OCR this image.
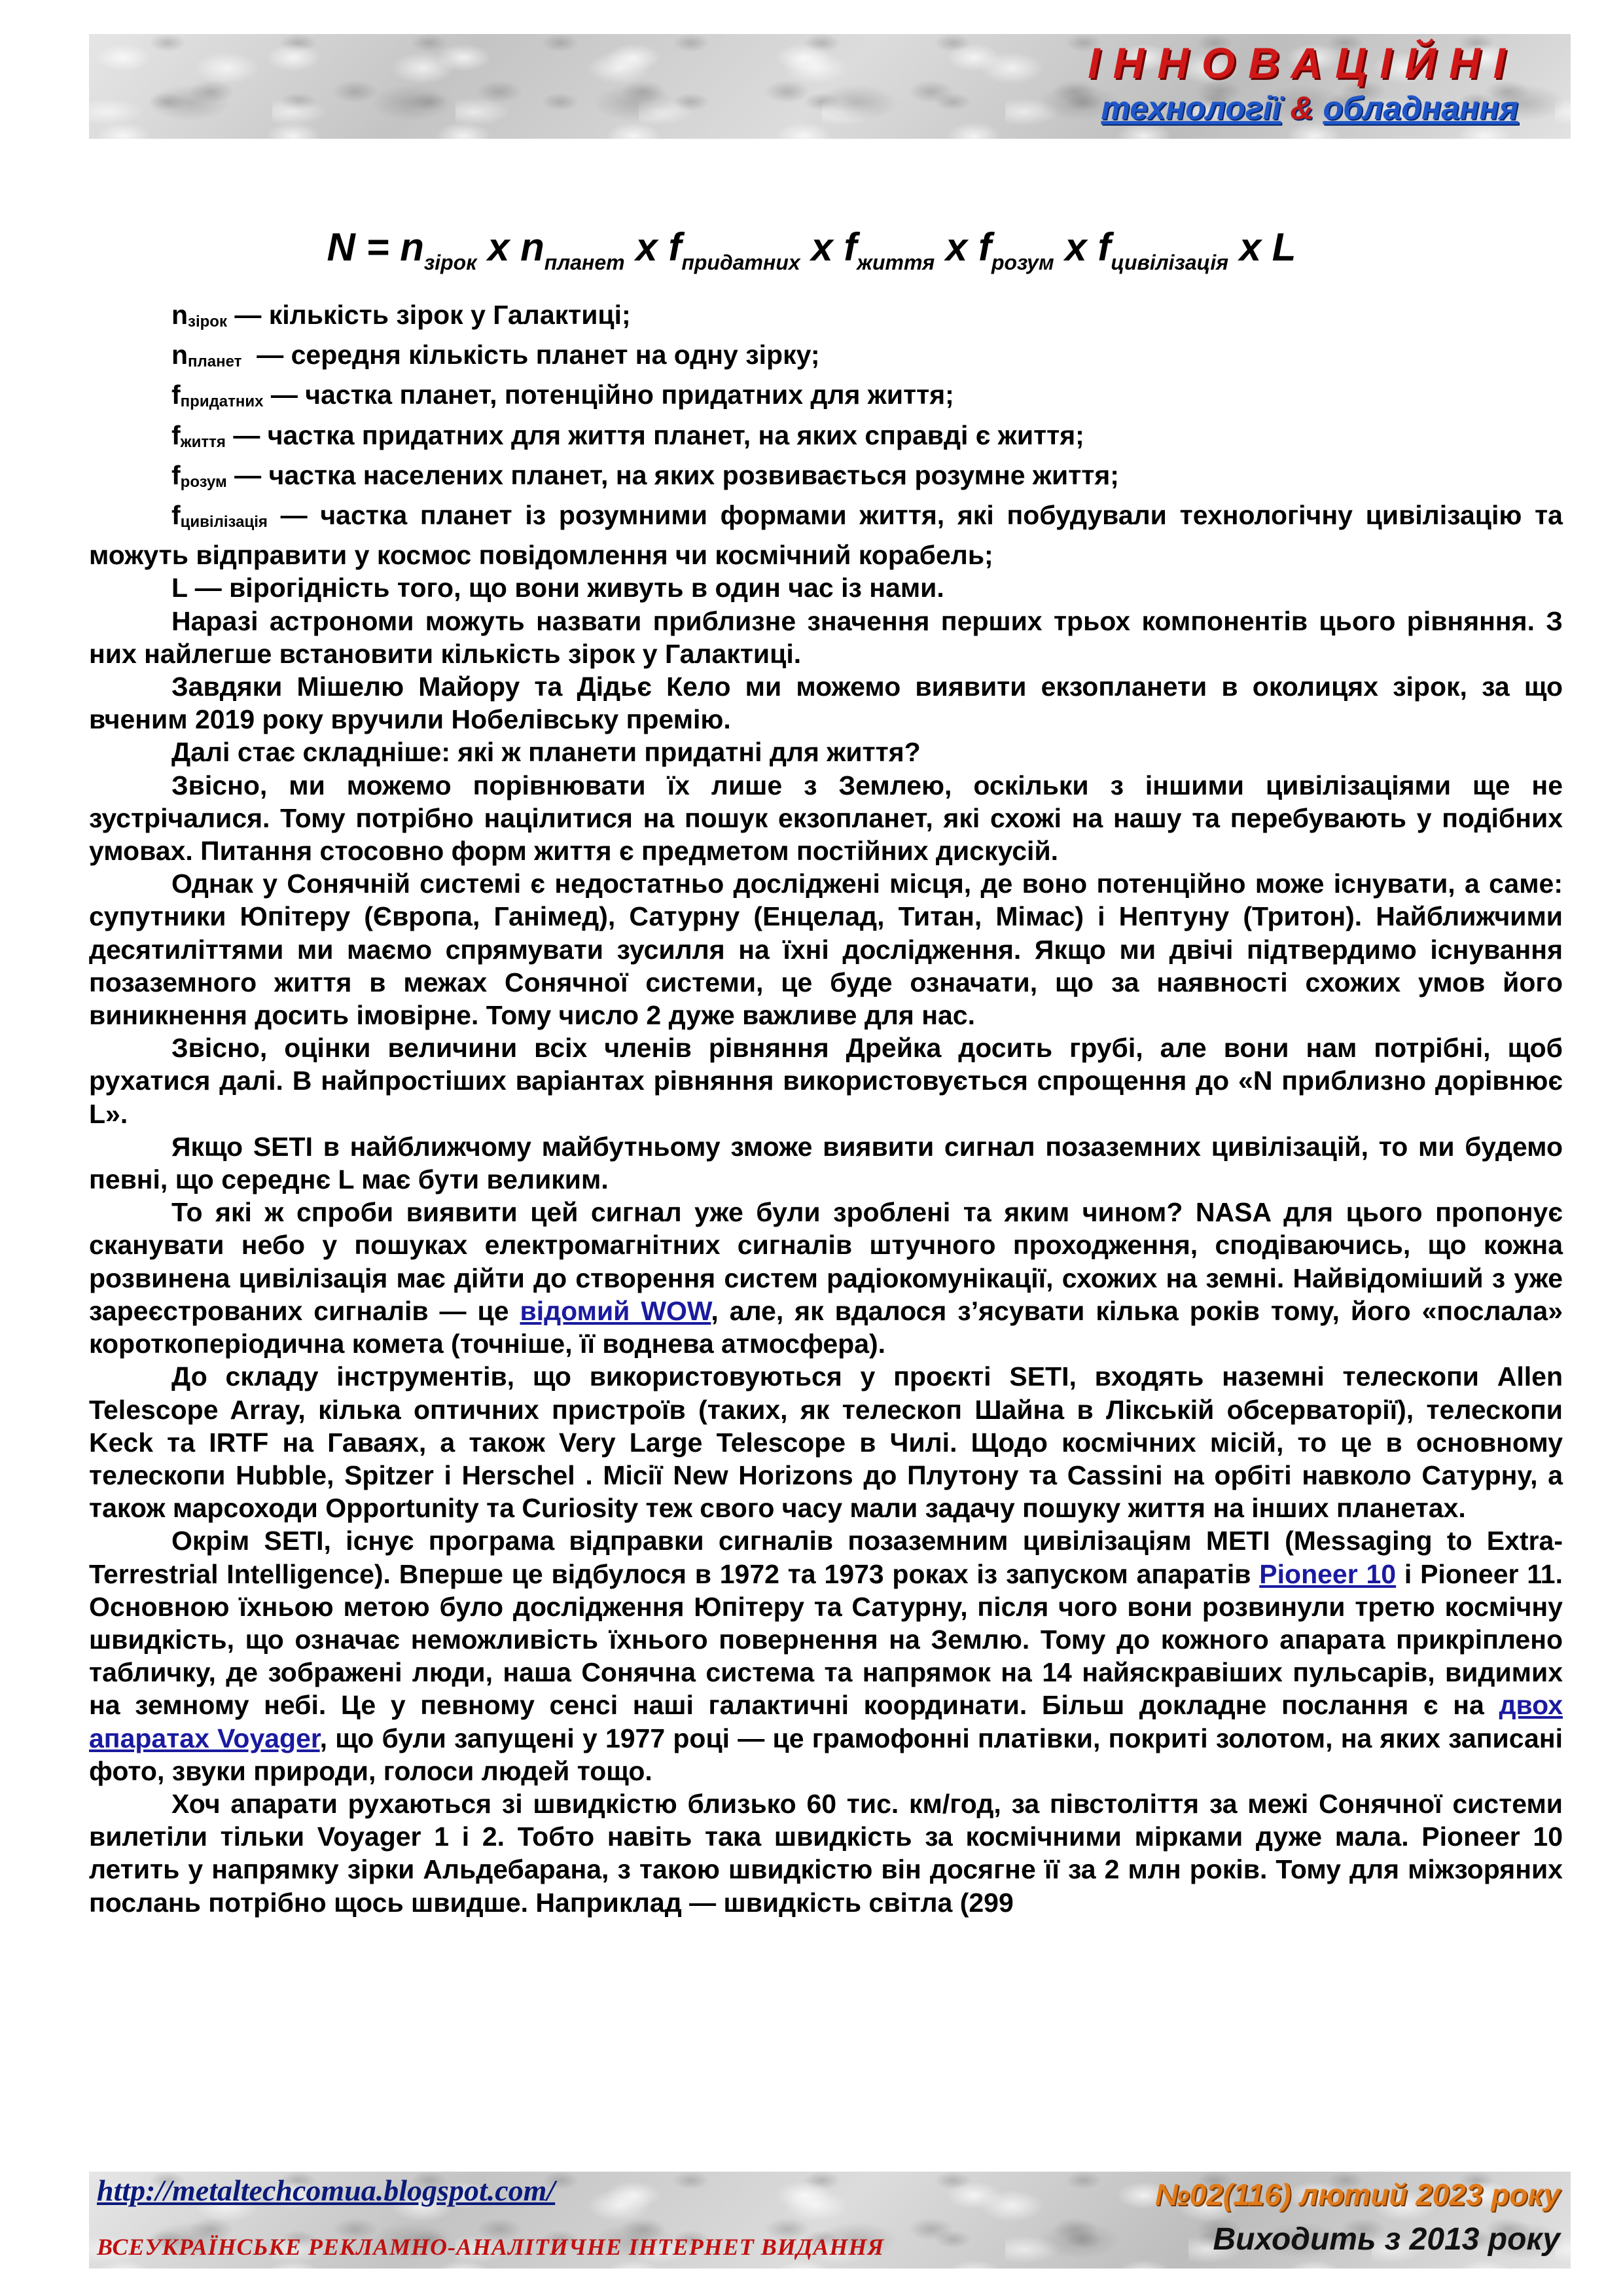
ІННОВАЦІЙНІ
технології & обладнання
$N = n_{зірок}$ x $n_{планет}$ x $f_{придатних}$ x $f_{життя}$ x $f_{розум}$ x $f_{цивілізація}$ x L

$n_{зірок}$ — кількість зірок у Галактиці;

$n_{планет}$  — середня кількість планет на одну зірку;

$f_{придатних}$ — частка планет, потенційно придатних для життя;

$f_{життя}$ — частка придатних для життя планет, на яких справді є життя;

$f_{розум}$ — частка населених планет, на яких розвивається розумне життя;

$f_{цивілізація}$ — частка планет із розумними формами життя, які побудували технологічну цивілізацію та можуть відправити у космос повідомлення чи космічний корабель;

L — вірогідність того, що вони живуть в один час із нами.

Наразі астрономи можуть назвати приблизне значення перших трьох компонентів цього рівняння. З них найлегше встановити кількість зірок у Галактиці.

Завдяки Мішелю Майору та Дідьє Кело ми можемо виявити екзопланети в околицях зірок, за що вченим 2019 року вручили Нобелівську премію.

Далі стає складніше: які ж планети придатні для життя?

Звісно, ми можемо порівнювати їх лише з Землею, оскільки з іншими цивілізаціями ще не зустрічалися. Тому потрібно націлитися на пошук екзопланет, які схожі на нашу та перебувають у подібних умовах. Питання стосовно форм життя є предметом постійних дискусій.

Однак у Сонячній системі є недостатньо досліджені місця, де воно потенційно може існувати, а саме: супутники Юпітеру (Європа, Ганімед), Сатурну (Енцелад, Титан, Мімас) і Нептуну (Тритон). Найближчими десятиліттями ми маємо спрямувати зусилля на їхні дослідження. Якщо ми двічі підтвердимо існування позаземного життя в межах Сонячної системи, це буде означати, що за наявності схожих умов його виникнення досить імовірне. Тому число 2 дуже важливе для нас.

Звісно, оцінки величини всіх членів рівняння Дрейка досить грубі, але вони нам потрібні, щоб рухатися далі. В найпростіших варіантах рівняння використовується спрощення до «N приблизно дорівнює L».

Якщо SETI в найближчому майбутньому зможе виявити сигнал позаземних цивілізацій, то ми будемо певні, що середнє L має бути великим.

То які ж спроби виявити цей сигнал уже були зроблені та яким чином? NASA для цього пропонує сканувати небо у пошуках електромагнітних сигналів штучного проходження, сподіваючись, що кожна розвинена цивілізація має дійти до створення систем радіокомунікації, схожих на земні. Найвідоміший з уже зареєстрованих сигналів — це відомий WOW, але, як вдалося з’ясувати кілька років тому, його «послала» короткоперіодична комета (точніше, її воднева атмосфера).

До складу інструментів, що використовуються у проєкті SETI, входять наземні телескопи Allen Telescope Array, кілька оптичних пристроїв (таких, як телескоп Шайна в Лікській обсерваторії), телескопи Keck та IRTF на Гаваях, а також Very Large Telescope в Чилі. Щодо космічних місій, то це в основному телескопи Hubble, Spitzer і Herschel . Місії New Horizons до Плутону та Cassini на орбіті навколо Сатурну, а також марсоходи Opportunity та Curiosity теж свого часу мали задачу пошуку життя на інших планетах.

Окрім SETI, існує програма відправки сигналів позаземним цивілізаціям METI (Messaging to Extra-Terrestrial Intelligence). Вперше це відбулося в 1972 та 1973 роках із запуском апаратів Pioneer 10 і Pioneer 11. Основною їхньою метою було дослідження Юпітеру та Сатурну, після чого вони розвинули третю космічну швидкість, що означає неможливість їхнього повернення на Землю. Тому до кожного апарата прикріплено табличку, де зображені люди, наша Сонячна система та напрямок на 14 найяскравіших пульсарів, видимих на земному небі. Це у певному сенсі наші галактичні координати. Більш докладне послання є на двох апаратах Voyager, що були запущені у 1977 році — це грамофонні платівки, покриті золотом, на яких записані фото, звуки природи, голоси людей тощо.

Хоч апарати рухаються зі швидкістю близько 60 тис. км/год, за півстоліття за межі Сонячної системи вилетіли тільки Voyager 1 і 2. Тобто навіть така швидкість за космічними мірками дуже мала. Pioneer 10 летить у напрямку зірки Альдебарана, з такою швидкістю він досягне її за 2 млн років. Тому для міжзоряних послань потрібно щось швидше. Наприклад — швидкість світла (299

http://metaltechcomua.blogspot.com/	№02(116) лютий 2023 року
ВСЕУКРАЇНСЬКЕ РЕКЛАМНО-АНАЛІТИЧНЕ ІНТЕРНЕТ ВИДАННЯ	Виходить з 2013 року
